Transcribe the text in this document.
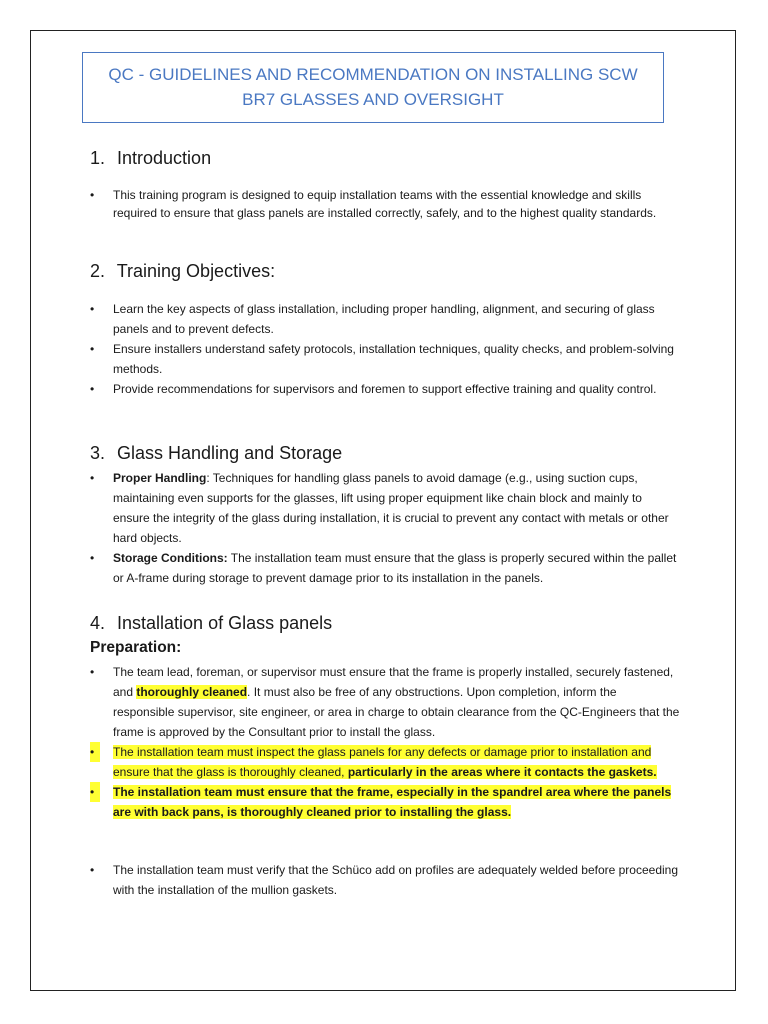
QC - GUIDELINES AND RECOMMENDATION ON INSTALLING SCW
BR7 GLASSES AND OVERSIGHT
1. Introduction
•	This training program is designed to equip installation teams with the essential knowledge and skills required to ensure that glass panels are installed correctly, safely, and to the highest quality standards.
2. Training Objectives:
•	Learn the key aspects of glass installation, including proper handling, alignment, and securing of glass panels and to prevent defects.
•	Ensure installers understand safety protocols, installation techniques, quality checks, and problem-solving methods.
•	Provide recommendations for supervisors and foremen to support effective training and quality control.
3. Glass Handling and Storage
•	Proper Handling: Techniques for handling glass panels to avoid damage (e.g., using suction cups, maintaining even supports for the glasses, lift using proper equipment like chain block and mainly to ensure the integrity of the glass during installation, it is crucial to prevent any contact with metals or other hard objects.
•	Storage Conditions: The installation team must ensure that the glass is properly secured within the pallet or A-frame during storage to prevent damage prior to its installation in the panels.
4. Installation of Glass panels
Preparation:
•	The team lead, foreman, or supervisor must ensure that the frame is properly installed, securely fastened, and thoroughly cleaned. It must also be free of any obstructions. Upon completion, inform the responsible supervisor, site engineer, or area in charge to obtain clearance from the QC-Engineers that the frame is approved by the Consultant prior to install the glass.
•	The installation team must inspect the glass panels for any defects or damage prior to installation and ensure that the glass is thoroughly cleaned, particularly in the areas where it contacts the gaskets.
•	The installation team must ensure that the frame, especially in the spandrel area where the panels are with back pans, is thoroughly cleaned prior to installing the glass.
•	The installation team must verify that the Schüco add on profiles are adequately welded before proceeding with the installation of the mullion gaskets.
